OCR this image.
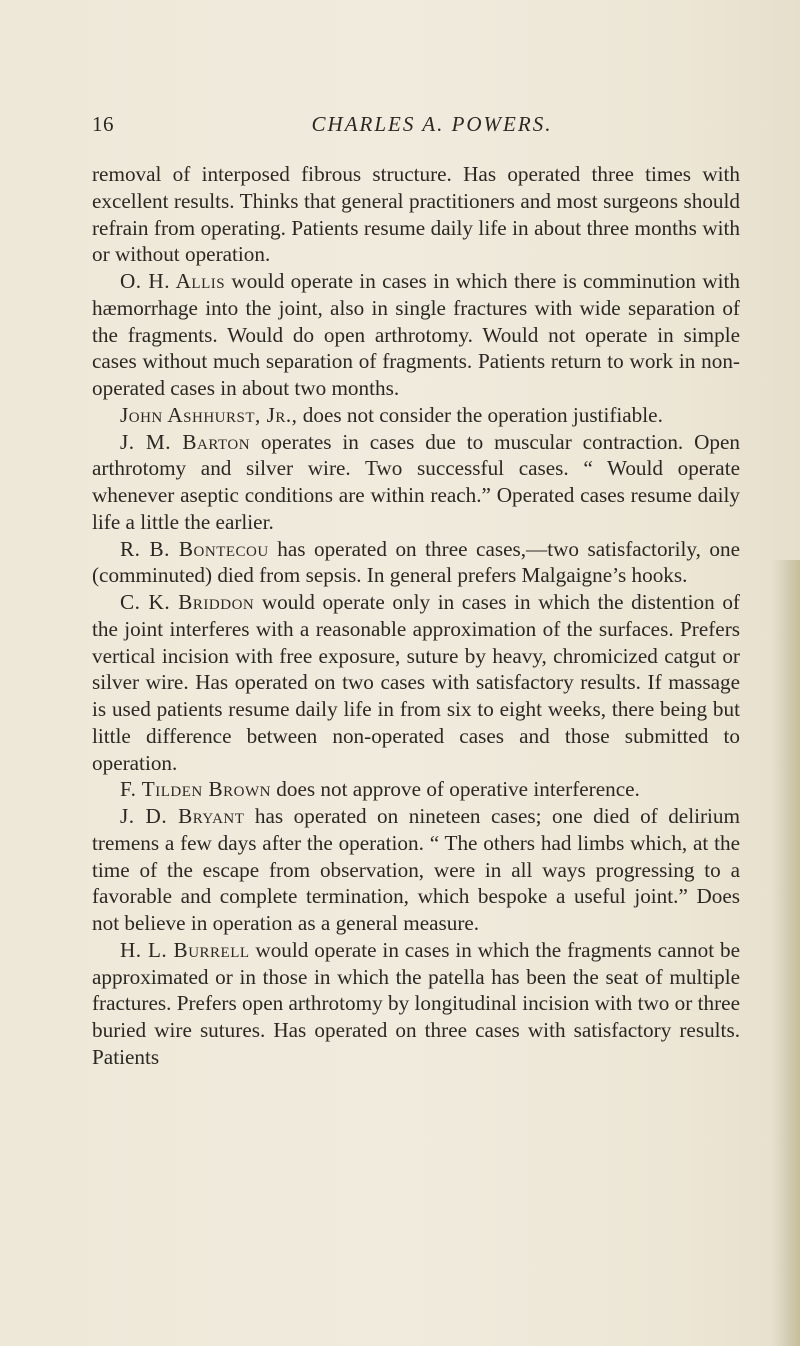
16	CHARLES A. POWERS.

removal of interposed fibrous structure. Has operated three times with excellent results. Thinks that general practitioners and most surgeons should refrain from operating. Patients resume daily life in about three months with or without operation.

O. H. Allis would operate in cases in which there is comminution with hæmorrhage into the joint, also in single fractures with wide separation of the fragments. Would do open arthrotomy. Would not operate in simple cases without much separation of fragments. Patients return to work in non-operated cases in about two months.

John Ashhurst, Jr., does not consider the operation justifiable.

J. M. Barton operates in cases due to muscular contraction. Open arthrotomy and silver wire. Two successful cases. “ Would operate whenever aseptic conditions are within reach.” Operated cases resume daily life a little the earlier.

R. B. Bontecou has operated on three cases,—two satisfactorily, one (comminuted) died from sepsis. In general prefers Malgaigne’s hooks.

C. K. Briddon would operate only in cases in which the distention of the joint interferes with a reasonable approximation of the surfaces. Prefers vertical incision with free exposure, suture by heavy, chromicized catgut or silver wire. Has operated on two cases with satisfactory results. If massage is used patients resume daily life in from six to eight weeks, there being but little difference between non-operated cases and those submitted to operation.

F. Tilden Brown does not approve of operative interference.

J. D. Bryant has operated on nineteen cases; one died of delirium tremens a few days after the operation. “ The others had limbs which, at the time of the escape from observation, were in all ways progressing to a favorable and complete termination, which bespoke a useful joint.” Does not believe in operation as a general measure.

H. L. Burrell would operate in cases in which the fragments cannot be approximated or in those in which the patella has been the seat of multiple fractures. Prefers open arthrotomy by longitudinal incision with two or three buried wire sutures. Has operated on three cases with satisfactory results. Patients
